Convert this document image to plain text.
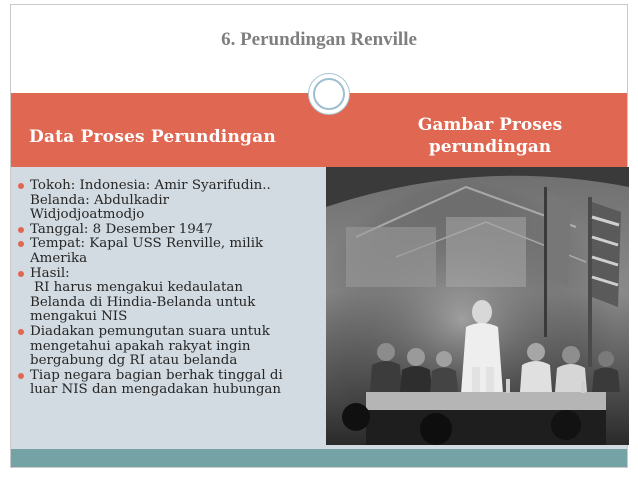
6. Perundingan Renville
Data Proses Perundingan
Gambar Proses
perundingan
Tokoh: Indonesia: Amir Syarifudin..
Belanda: Abdulkadir
Widjodjoatmodjo
Tanggal: 8 Desember 1947
Tempat: Kapal USS Renville, milik
Amerika
Hasil:
RI harus mengakui kedaulatan
Belanda di Hindia-Belanda untuk
mengakui NIS
Diadakan pemungutan suara untuk
mengetahui apakah rakyat ingin
bergabung dg RI atau belanda
Tiap negara bagian berhak tinggal di
luar NIS dan mengadakan hubungan
